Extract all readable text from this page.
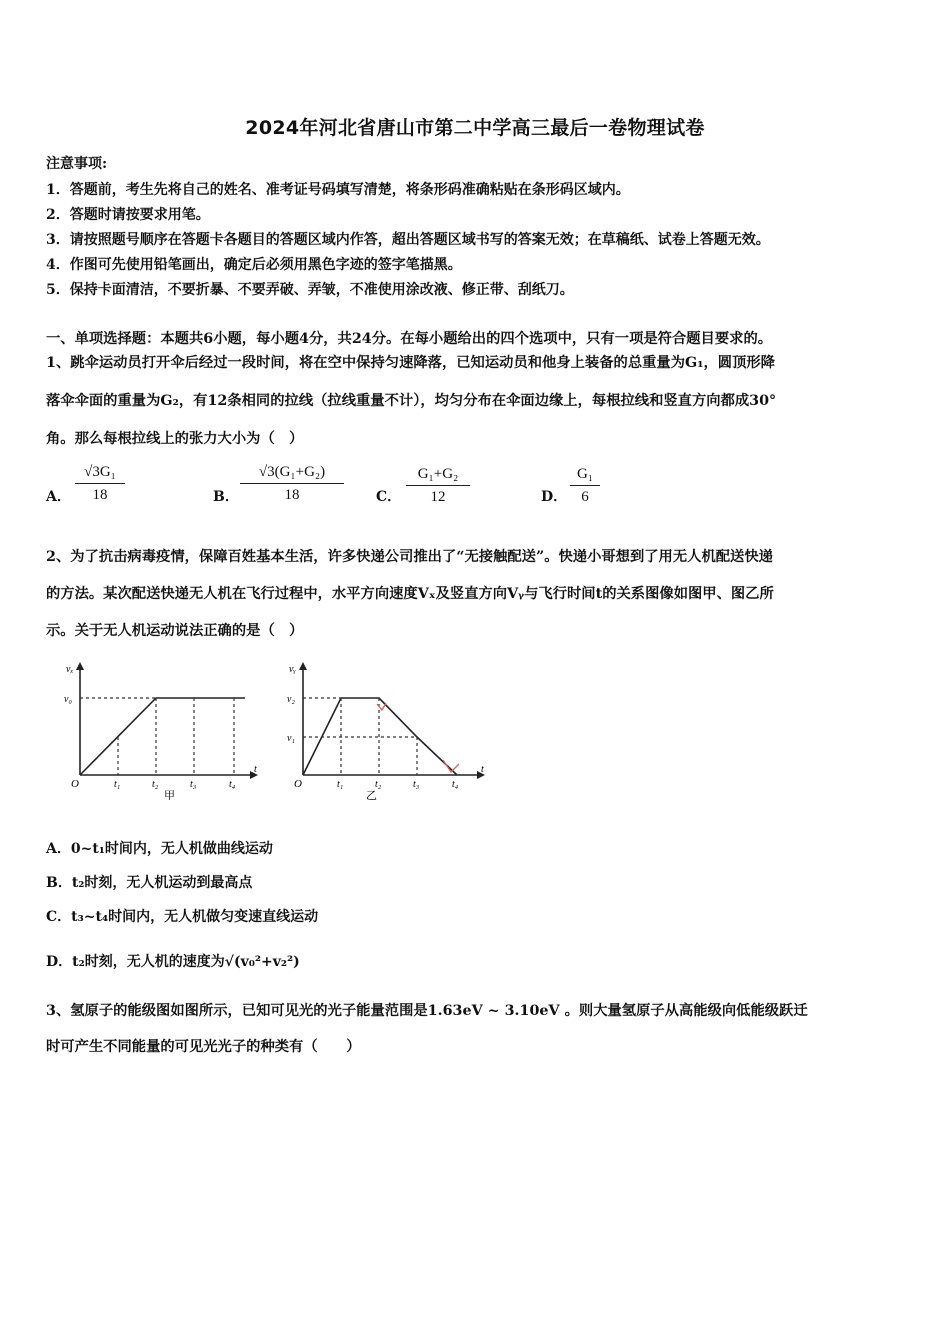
2024年河北省唐山市第二中学高三最后一卷物理试卷
注意事项:
1．答题前，考生先将自己的姓名、准考证号码填写清楚，将条形码准确粘贴在条形码区域内。
2．答题时请按要求用笔。
3．请按照题号顺序在答题卡各题目的答题区域内作答，超出答题区域书写的答案无效；在草稿纸、试卷上答题无效。
4．作图可先使用铅笔画出，确定后必须用黑色字迹的签字笔描黑。
5．保持卡面清洁，不要折暴、不要弄破、弄皱，不准使用涂改液、修正带、刮纸刀。
一、单项选择题：本题共6小题，每小题4分，共24分。在每小题给出的四个选项中，只有一项是符合题目要求的。
1、跳伞运动员打开伞后经过一段时间，将在空中保持匀速降落，已知运动员和他身上装备的总重量为G₁，圆顶形降
落伞伞面的重量为G₂，有12条相同的拉线（拉线重量不计），均匀分布在伞面边缘上，每根拉线和竖直方向都成30°
角。那么每根拉线上的张力大小为（　）
A． $\frac{\text{√3G₁}}{18}$	B． $\frac{\text{√3(G₁+G₂)}}{18}$ C． $\frac{\text{G₁+G₂}}{12}$	D． $\frac{\text{G₁}}{6}$
2、为了抗击病毒疫情，保障百姓基本生活，许多快递公司推出了“无接触配送”。快递小哥想到了用无人机配送快递
的方法。某次配送快递无人机在飞行过程中，水平方向速度Vₓ及竖直方向Vᵧ与飞行时间t的关系图像如图甲、图乙所
示。关于无人机运动说法正确的是（　）
vₓ
v₀
O
t
t₁	t₂	t₃	t₄
甲
vᵧ
v₂
v₁
O
t
t₁	t₂	t₃	t₄
乙
A．0~t₁时间内，无人机做曲线运动
B．t₂时刻，无人机运动到最高点
C．t₃~t₄时间内，无人机做匀变速直线运动
D．t₂时刻，无人机的速度为√(v₀²+v₂²)
3、氢原子的能级图如图所示，已知可见光的光子能量范围是1.63eV ~ 3.10eV 。则大量氢原子从高能级向低能级跃迁
时可产生不同能量的可见光光子的种类有（　　）
